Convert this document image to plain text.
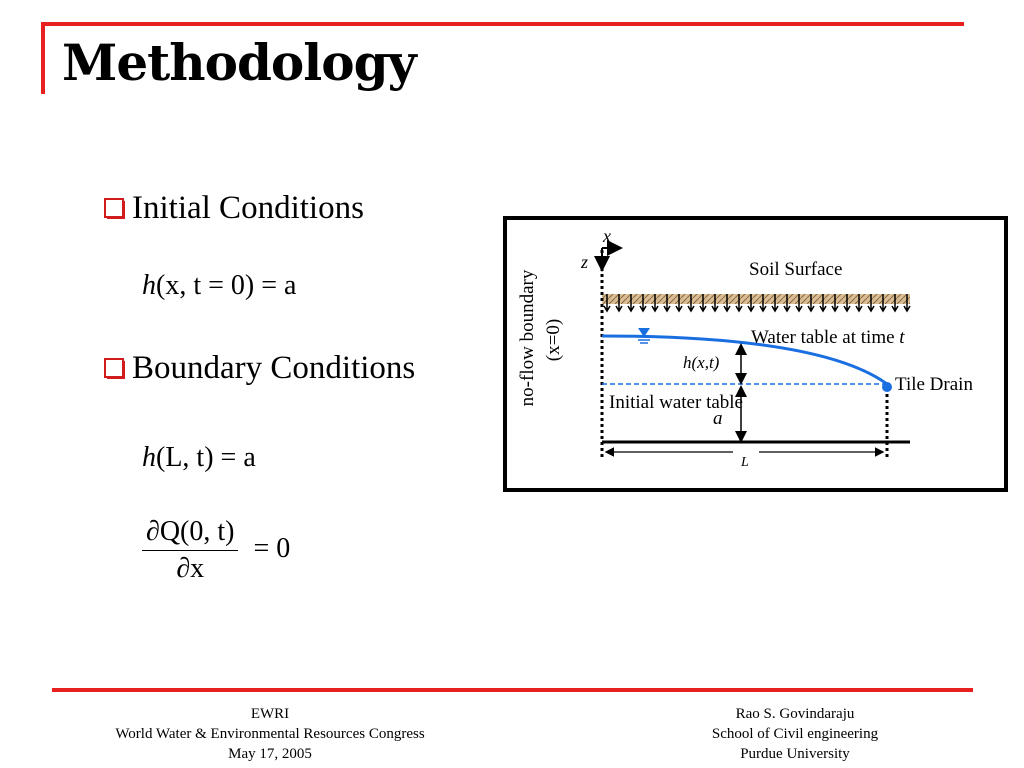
Methodology
Initial Conditions
h(x, t = 0) = a
Boundary Conditions
h(L, t) = a
$\frac{\partial Q(0, t)}{\partial x} = 0$
no-flow boundary (x=0)
x
z	Soil Surface
Water table at time t
Tile Drain
h(x,t)
Initial water table
a
L
EWRI
World Water & Environmental Resources Congress
May 17, 2005
Rao S. Govindaraju
School of Civil engineering
Purdue University
